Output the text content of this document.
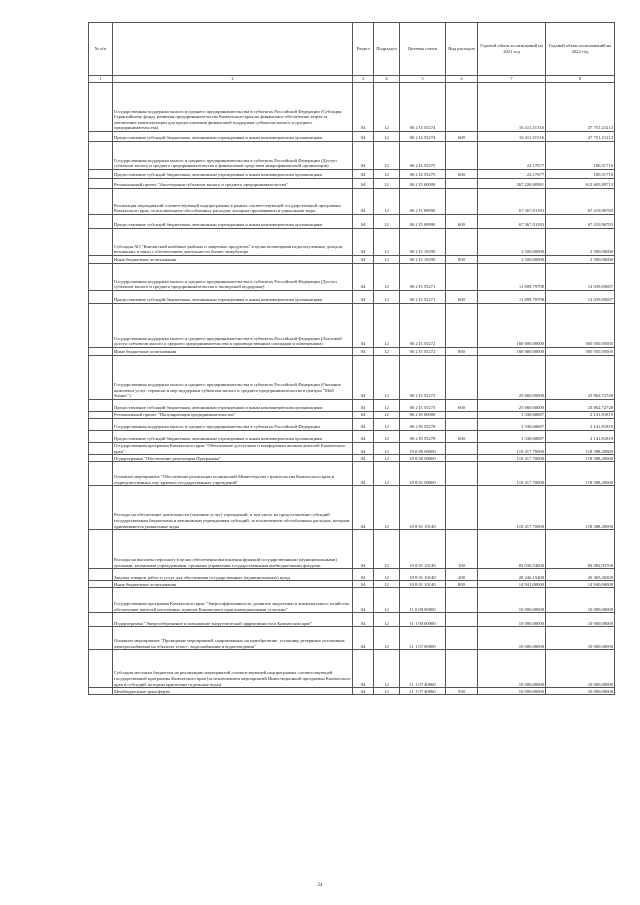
№ п/п		Раздел	Подраздел	Целевая статья	Вид расходов	Годовой объем ассигнований на 2021 год	Годовой объем ассигнований на 2022 год
1	2	3	4	5	6	7	8
	Государственная поддержка малого и среднего предпринимательства в субъектах Российской Федерации (Субсидия Гарантийному фонду развития предпринимательства Камчатского края на финансовое обеспечение затрат за увеличение капитализации для предоставления финансовой поддержки субъектам малого и среднего предпринимательства)	04	12	06 2 I4 55274		16 411,51516	47 751,21213
	Предоставление субсидий бюджетным, автономным учреждениям и иным некоммерческим организациям	04	12	06 2 I4 55274	600	16 411,51516	47 751,21213
	Государственная поддержка малого и среднего предпринимательства в субъектах Российской Федерации (Доступ субъектов малого и среднего предпринимательства к финансовым средствам микрофинансовой организации)	04	12	06 2 I4 55275		22,17677	180,51718
	Предоставление субсидий бюджетным, автономным учреждениям и иным некоммерческим организациям	04	12	06 2 I4 55275	600	22,17677	180,51718
	Региональный проект "Акселерация субъектов малого и среднего предпринимательства"	04	12	06 2 I5 00000		267 226,80981	612 603,89713
	Реализация мероприятий соответствующей подпрограммы в рамках соответствующей государственной программы Камчатского края, за исключением обособленных расходов, которым присваиваются уникальные коды	04	12	06 2 I5 09990		67 367,01183	67 210,96783
	Предоставление субсидий бюджетным, автономным учреждениям и иным некоммерческим организациям	04	12	06 2 I5 09990	600	67 367,01183	67 210,96783
	Субсидия АО "Камчатский комбинат рыбных и защечных продуктов" в целях возмещения недополученных доходов, возникших в связи с обеспечением деятельности бизнес-инкубатора	04	12	06 2 I5 10290		2 500,00000	2 500,00000
	Иные бюджетные ассигнования	04	12	06 2 I5 10290	800	2 500,00000	2 500,00000
	Государственная поддержка малого и среднего предпринимательства в субъектах Российской Федерации (Доступ субъектов малого и среднего предпринимательства к экспортной поддержке)	04	12	06 2 I5 55271		11 699,79798	14 039,69697
	Предоставление субсидий бюджетным, автономным учреждениям и иным некоммерческим организациям	04	12	06 2 I5 55271	600	11 699,79798	14 039,69697
	Государственная поддержка малого и среднего предпринимательства в субъектах Российской Федерации (Льготный доступ субъектов малого и среднего предпринимательства к производственным площадям и помещениям)	04	12	06 2 I5 55272		160 000,00000	505 050,50505
	Иные бюджетные ассигнования	04	12	06 2 I5 55272	800	160 000,00000	505 050,50505
	Государственная поддержка малого и среднего предпринимательства в субъектах Российской Федерации (Оказание комплекса услуг, сервисов и мер поддержки субъектам малого и среднего предпринимательства в центрах "Мой бизнес")	04	12	06 2 I5 55273		25 660,00000	23 862,72728
	Предоставление субсидий бюджетным, автономным учреждениям и иным некоммерческим организациям	04	12	06 2 I5 55273	600	25 660,00000	23 862,72728
	Региональный проект "Популяризация предпринимательства"	04	12	06 2 I8 00000		1 338,68687	2 141,81819
	Государственная поддержка малого и среднего предпринимательства в субъектах Российской Федерации	04	12	06 2 I8 55270		1 338,68687	2 141,81819
	Предоставление субсидий бюджетным, автономным учреждениям и иным некоммерческим организациям	04	12	06 2 I8 55270	600	1 338,68687	2 141,81819
	Государственная программа Камчатского края "Обеспечение доступным и комфортным жильем жителей Камчатского края"	04	12	10 0 00 00000		118 217,70000	118 388,20000
	Подпрограмма "Обеспечение реализации Программы"	04	12	10 8 00 00000		118 217,70000	118 388,20000
	Основное мероприятие "Обеспечение реализации полномочий Министерства строительства Камчатского края и подведомственных ему краевых государственных учреждений"	04	12	10 8 01 00000		118 217,70000	118 388,20000
	Расходы на обеспечение деятельности (оказание услуг) учреждений, в том числе на предоставление субсидий государственным бюджетным и автономным учреждениям субсидий, за исключением обособленных расходов, которым присваиваются уникальные коды	04	12	10 8 01 10140		118 217,70000	118 388,20000
	Расходы на выплаты персоналу в целях обеспечения выполнения функций государственными (муниципальными) органами, казенными учреждениями, органами управления государственными внебюджетными фондами	04	12	10 8 01 10140	100	83 030,54600	83 082,93700
	Закупка товаров, работ и услуг для обеспечения государственных (муниципальных) нужд	04	12	10 8 01 10140	200	20 246,15400	20 365,26300
	Иные бюджетные ассигнования	04	12	10 8 01 10140	800	14 941,00000	14 940,00000
	Государственная программа Камчатского края "Энергоэффективность, развитие энергетики и коммунального хозяйства, обеспечение жителей населенных пунктов Камчатского края коммунальными услугами"	04	12	11 0 00 00000		10 000,00000	10 000,00000
	Подпрограмма "Энергосбережение и повышение энергетической эффективности в Камчатском крае"	04	12	11 1 00 00000		10 000,00000	10 000,00000
	Основное мероприятие "Проведение мероприятий, направленных на приобретение, установку резервных источников электроснабжения на объектах тепло-, водоснабжения и водоотведения"	04	12	11 1 07 00000		10 000,00000	10 000,00000
	Субсидии местным бюджетам на реализацию мероприятий соответствующей подпрограммы соответствующей государственной программы Камчатского края (за исключением мероприятий Инвестиционной программы Камчатского края и субсидий, которым присвоены отдельные коды)	04	12	11 1 07 40060		10 000,00000	10 000,00000
	Межбюджетные трансферты	04	12	11 1 07 40060	500	10 000,00000	10 000,00000
24
